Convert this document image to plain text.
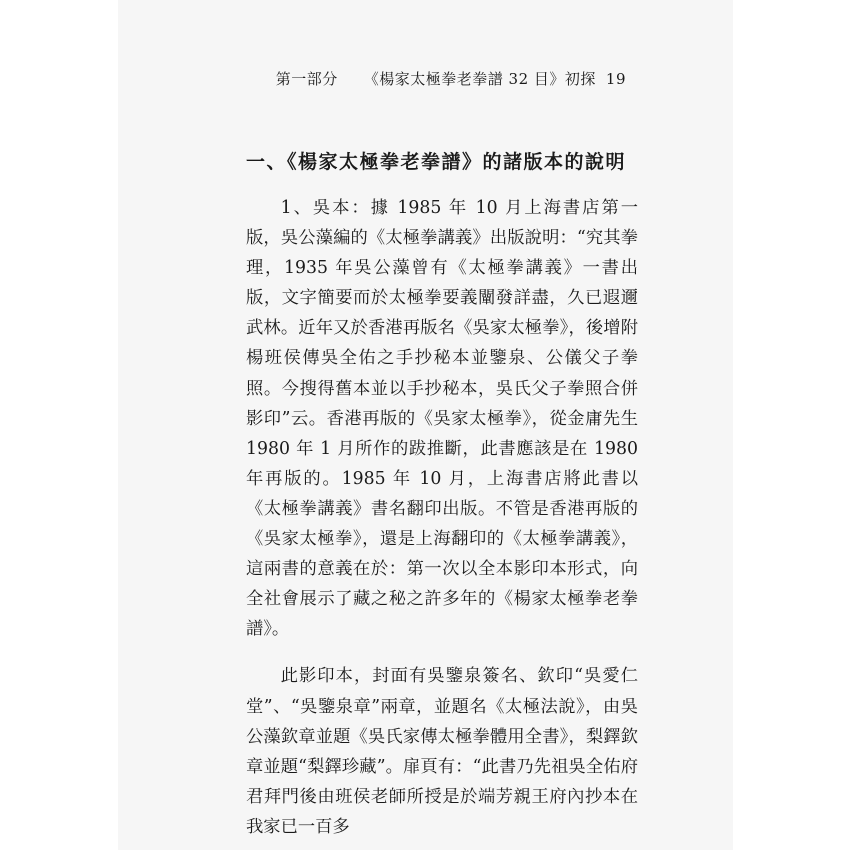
第一部分 《楊家太極拳老拳譜 32 目》初探 19
一、《楊家太極拳老拳譜》的諸版本的說明

1、吳本：據 1985 年 10 月上海書店第一版，吳公藻編的《太極拳講義》出版說明：“究其拳理，1935 年吳公藻曾有《太極拳講義》一書出版，文字簡要而於太極拳要義闡發詳盡，久已遐邇武林。近年又於香港再版名《吳家太極拳》，後增附楊班侯傳吳全佑之手抄秘本並鑒泉、公儀父子拳照。今搜得舊本並以手抄秘本，吳氏父子拳照合併影印”云。香港再版的《吳家太極拳》，從金庸先生 1980 年 1 月所作的跋推斷，此書應該是在 1980 年再版的。1985 年 10 月，上海書店將此書以《太極拳講義》書名翻印出版。不管是香港再版的《吳家太極拳》，還是上海翻印的《太極拳講義》，這兩書的意義在於：第一次以全本影印本形式，向全社會展示了藏之秘之許多年的《楊家太極拳老拳譜》。

此影印本，封面有吳鑒泉簽名、欽印“吳愛仁堂”、“吳鑒泉章”兩章，並題名《太極法說》，由吳公藻欽章並題《吳氏家傳太極拳體用全書》，梨鐸欽章並題“梨鐸珍藏”。扉頁有：“此書乃先祖吳全佑府君拜門後由班侯老師所授是於端芳親王府內抄本在我家已一百多
